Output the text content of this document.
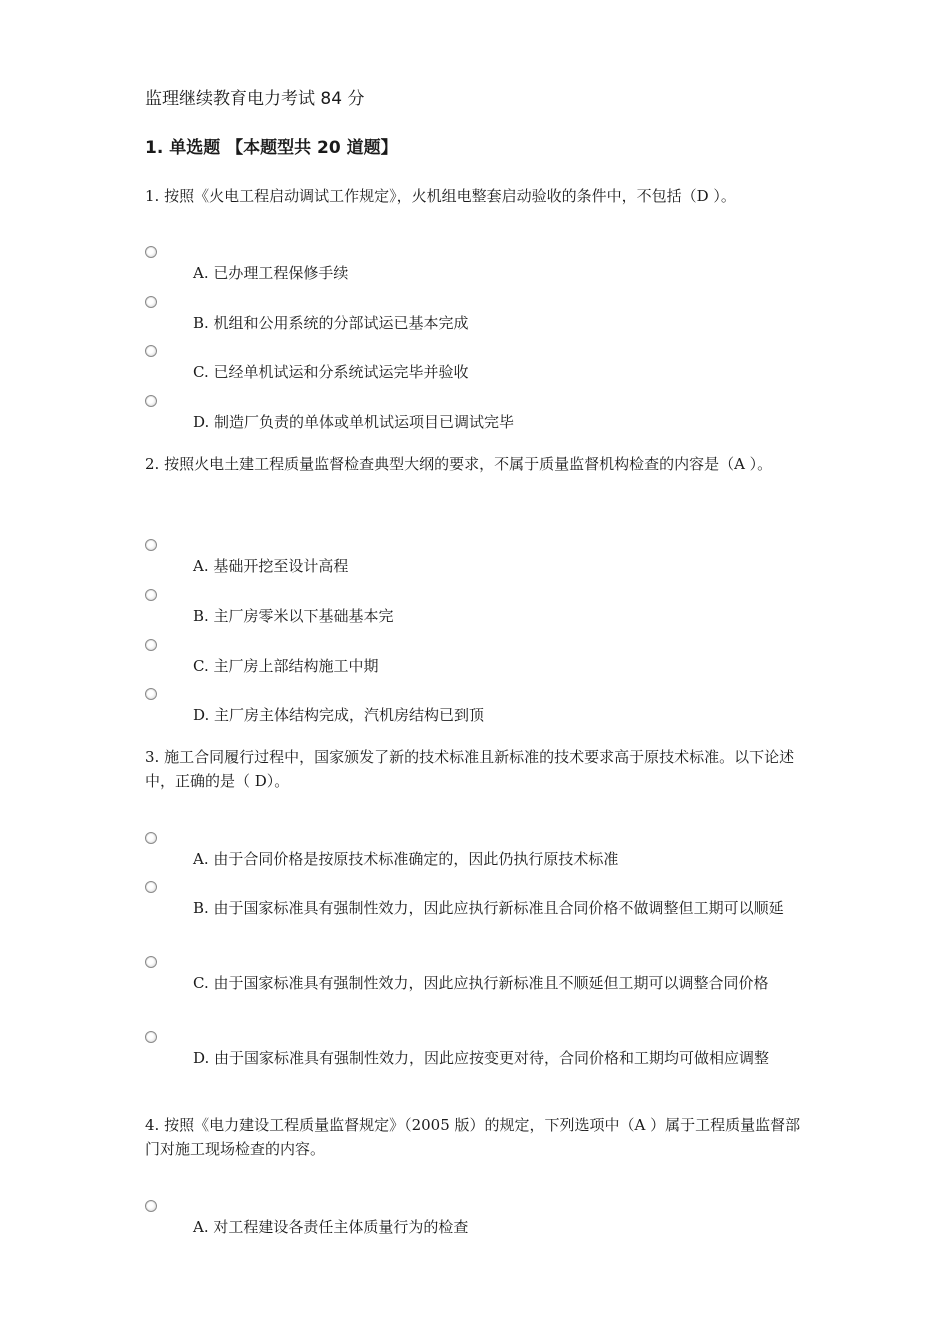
监理继续教育电力考试 84 分
1. 单选题 【本题型共 20 道题】
1. 按照《火电工程启动调试工作规定》，火机组电整套启动验收的条件中，不包括（D ）。
A. 已办理工程保修手续
B. 机组和公用系统的分部试运已基本完成
C. 已经单机试运和分系统试运完毕并验收
D. 制造厂负责的单体或单机试运项目已调试完毕
2. 按照火电土建工程质量监督检查典型大纲的要求，不属于质量监督机构检查的内容是（A ）。
A. 基础开挖至设计高程
B. 主厂房零米以下基础基本完
C. 主厂房上部结构施工中期
D. 主厂房主体结构完成，汽机房结构已到顶
3. 施工合同履行过程中，国家颁发了新的技术标准且新标准的技术要求高于原技术标准。以下论述中，正确的是（ D）。
A. 由于合同价格是按原技术标准确定的，因此仍执行原技术标准
B. 由于国家标准具有强制性效力，因此应执行新标准且合同价格不做调整但工期可以顺延
C. 由于国家标准具有强制性效力，因此应执行新标准且不顺延但工期可以调整合同价格
D. 由于国家标准具有强制性效力，因此应按变更对待，合同价格和工期均可做相应调整
4. 按照《电力建设工程质量监督规定》（2005 版）的规定，下列选项中（A ）属于工程质量监督部门对施工现场检查的内容。
A. 对工程建设各责任主体质量行为的检查
